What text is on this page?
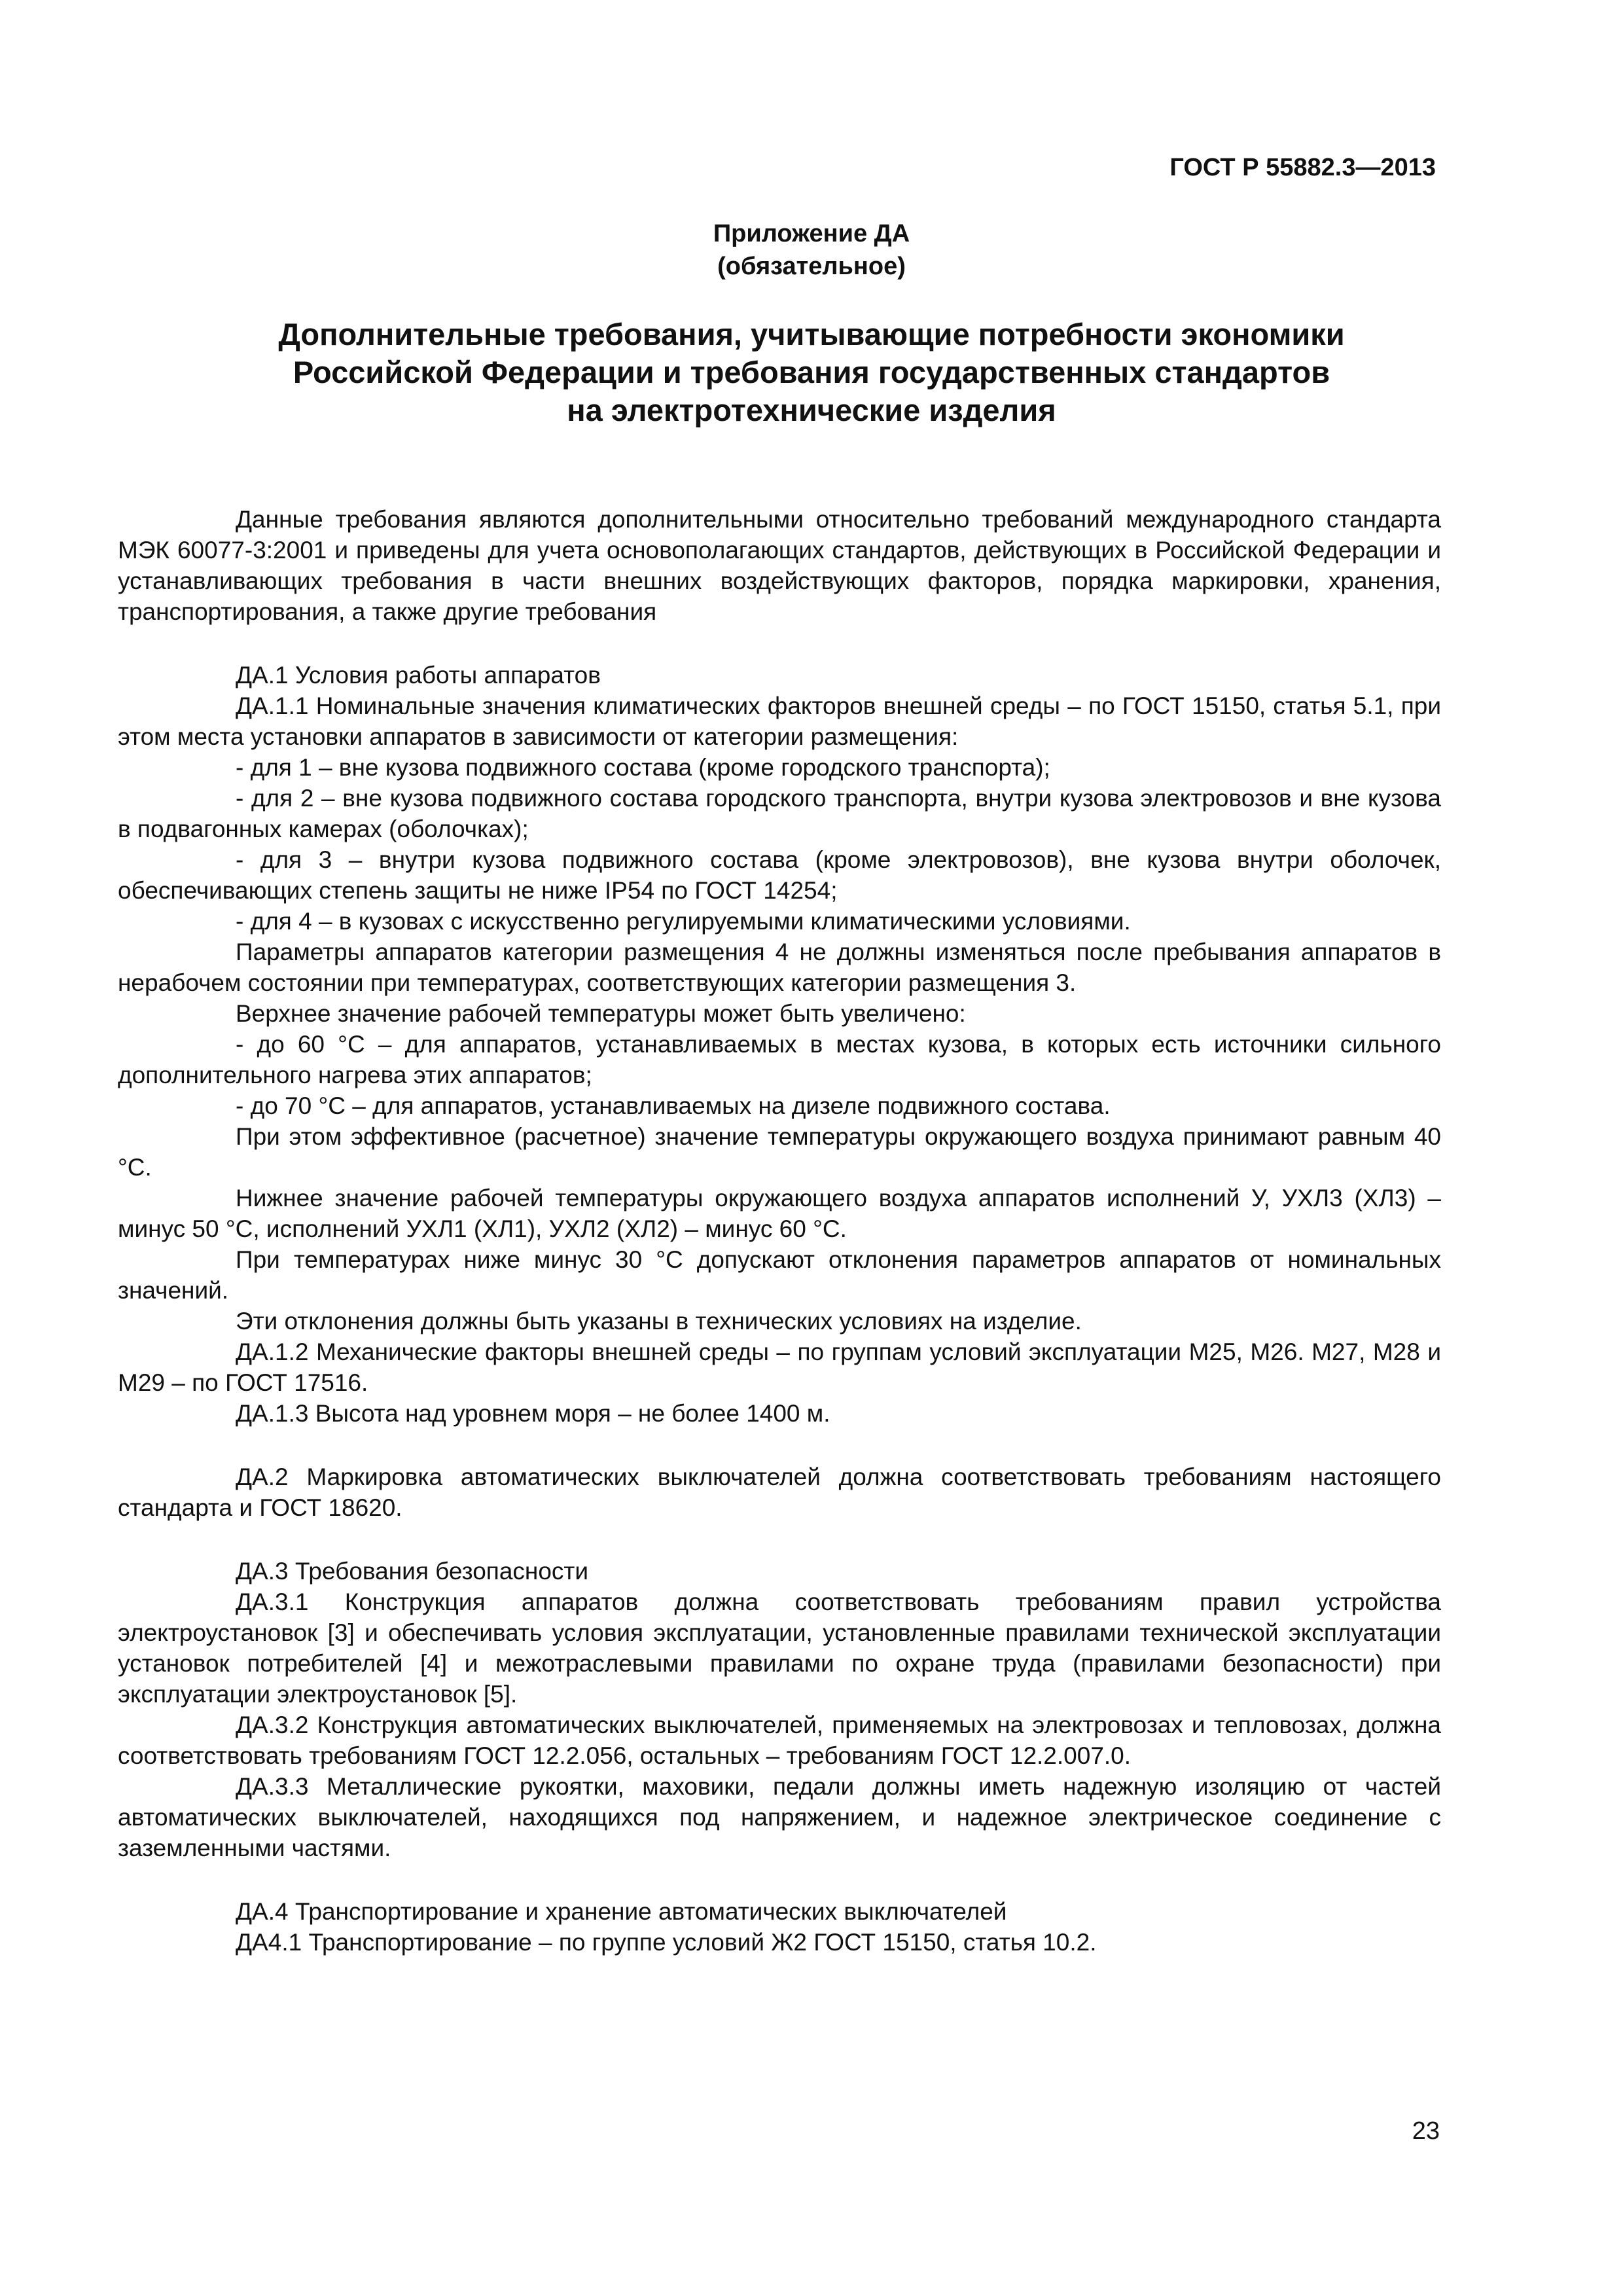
ГОСТ Р 55882.3—2013
Приложение ДА
(обязательное)
Дополнительные требования, учитывающие потребности экономики
Российской Федерации и требования государственных стандартов
на электротехнические изделия

Данные требования являются дополнительными относительно требований международного стандарта МЭК 60077-3:2001 и приведены для учета основополагающих стандартов, действующих в Российской Федерации и устанавливающих требования в части внешних воздействующих факторов, порядка маркировки, хранения, транспортирования, а также другие требования

ДА.1 Условия работы аппаратов

ДА.1.1 Номинальные значения климатических факторов внешней среды – по ГОСТ 15150, статья 5.1, при этом места установки аппаратов в зависимости от категории размещения:

- для 1 – вне кузова подвижного состава (кроме городского транспорта);

- для 2 – вне кузова подвижного состава городского транспорта, внутри кузова электровозов и вне кузова в подвагонных камерах (оболочках);

- для 3 – внутри кузова подвижного состава (кроме электровозов), вне кузова внутри оболочек, обеспечивающих степень защиты не ниже IP54 по ГОСТ 14254;

- для 4 – в кузовах с искусственно регулируемыми климатическими условиями.

Параметры аппаратов категории размещения 4 не должны изменяться после пребывания аппаратов в нерабочем состоянии при температурах, соответствующих категории размещения 3.

Верхнее значение рабочей температуры может быть увеличено:

- до 60 °С – для аппаратов, устанавливаемых в местах кузова, в которых есть источники сильного дополнительного нагрева этих аппаратов;

- до 70 °С – для аппаратов, устанавливаемых на дизеле подвижного состава.

При этом эффективное (расчетное) значение температуры окружающего воздуха принимают равным 40 °С.

Нижнее значение рабочей температуры окружающего воздуха аппаратов исполнений У, УХЛ3 (ХЛ3) – минус 50 °С, исполнений УХЛ1 (ХЛ1), УХЛ2 (ХЛ2) – минус 60 °С.

При температурах ниже минус 30 °С допускают отклонения параметров аппаратов от номинальных значений.

Эти отклонения должны быть указаны в технических условиях на изделие.

ДА.1.2 Механические факторы внешней среды – по группам условий эксплуатации М25, М26. М27, М28 и М29 – по ГОСТ 17516.

ДА.1.3 Высота над уровнем моря – не более 1400 м.

ДА.2 Маркировка автоматических выключателей должна соответствовать требованиям настоящего стандарта и ГОСТ 18620.

ДА.3 Требования безопасности

ДА.3.1 Конструкция аппаратов должна соответствовать требованиям правил устройства электроустановок [3] и обеспечивать условия эксплуатации, установленные правилами технической эксплуатации установок потребителей [4] и межотраслевыми правилами по охране труда (правилами безопасности) при эксплуатации электроустановок [5].

ДА.3.2 Конструкция автоматических выключателей, применяемых на электровозах и тепловозах, должна соответствовать требованиям ГОСТ 12.2.056, остальных – требованиям ГОСТ 12.2.007.0.

ДА.3.3 Металлические рукоятки, маховики, педали должны иметь надежную изоляцию от частей автоматических выключателей, находящихся под напряжением, и надежное электрическое соединение с заземленными частями.

ДА.4 Транспортирование и хранение автоматических выключателей

ДА4.1 Транспортирование – по группе условий Ж2 ГОСТ 15150, статья 10.2.

23
